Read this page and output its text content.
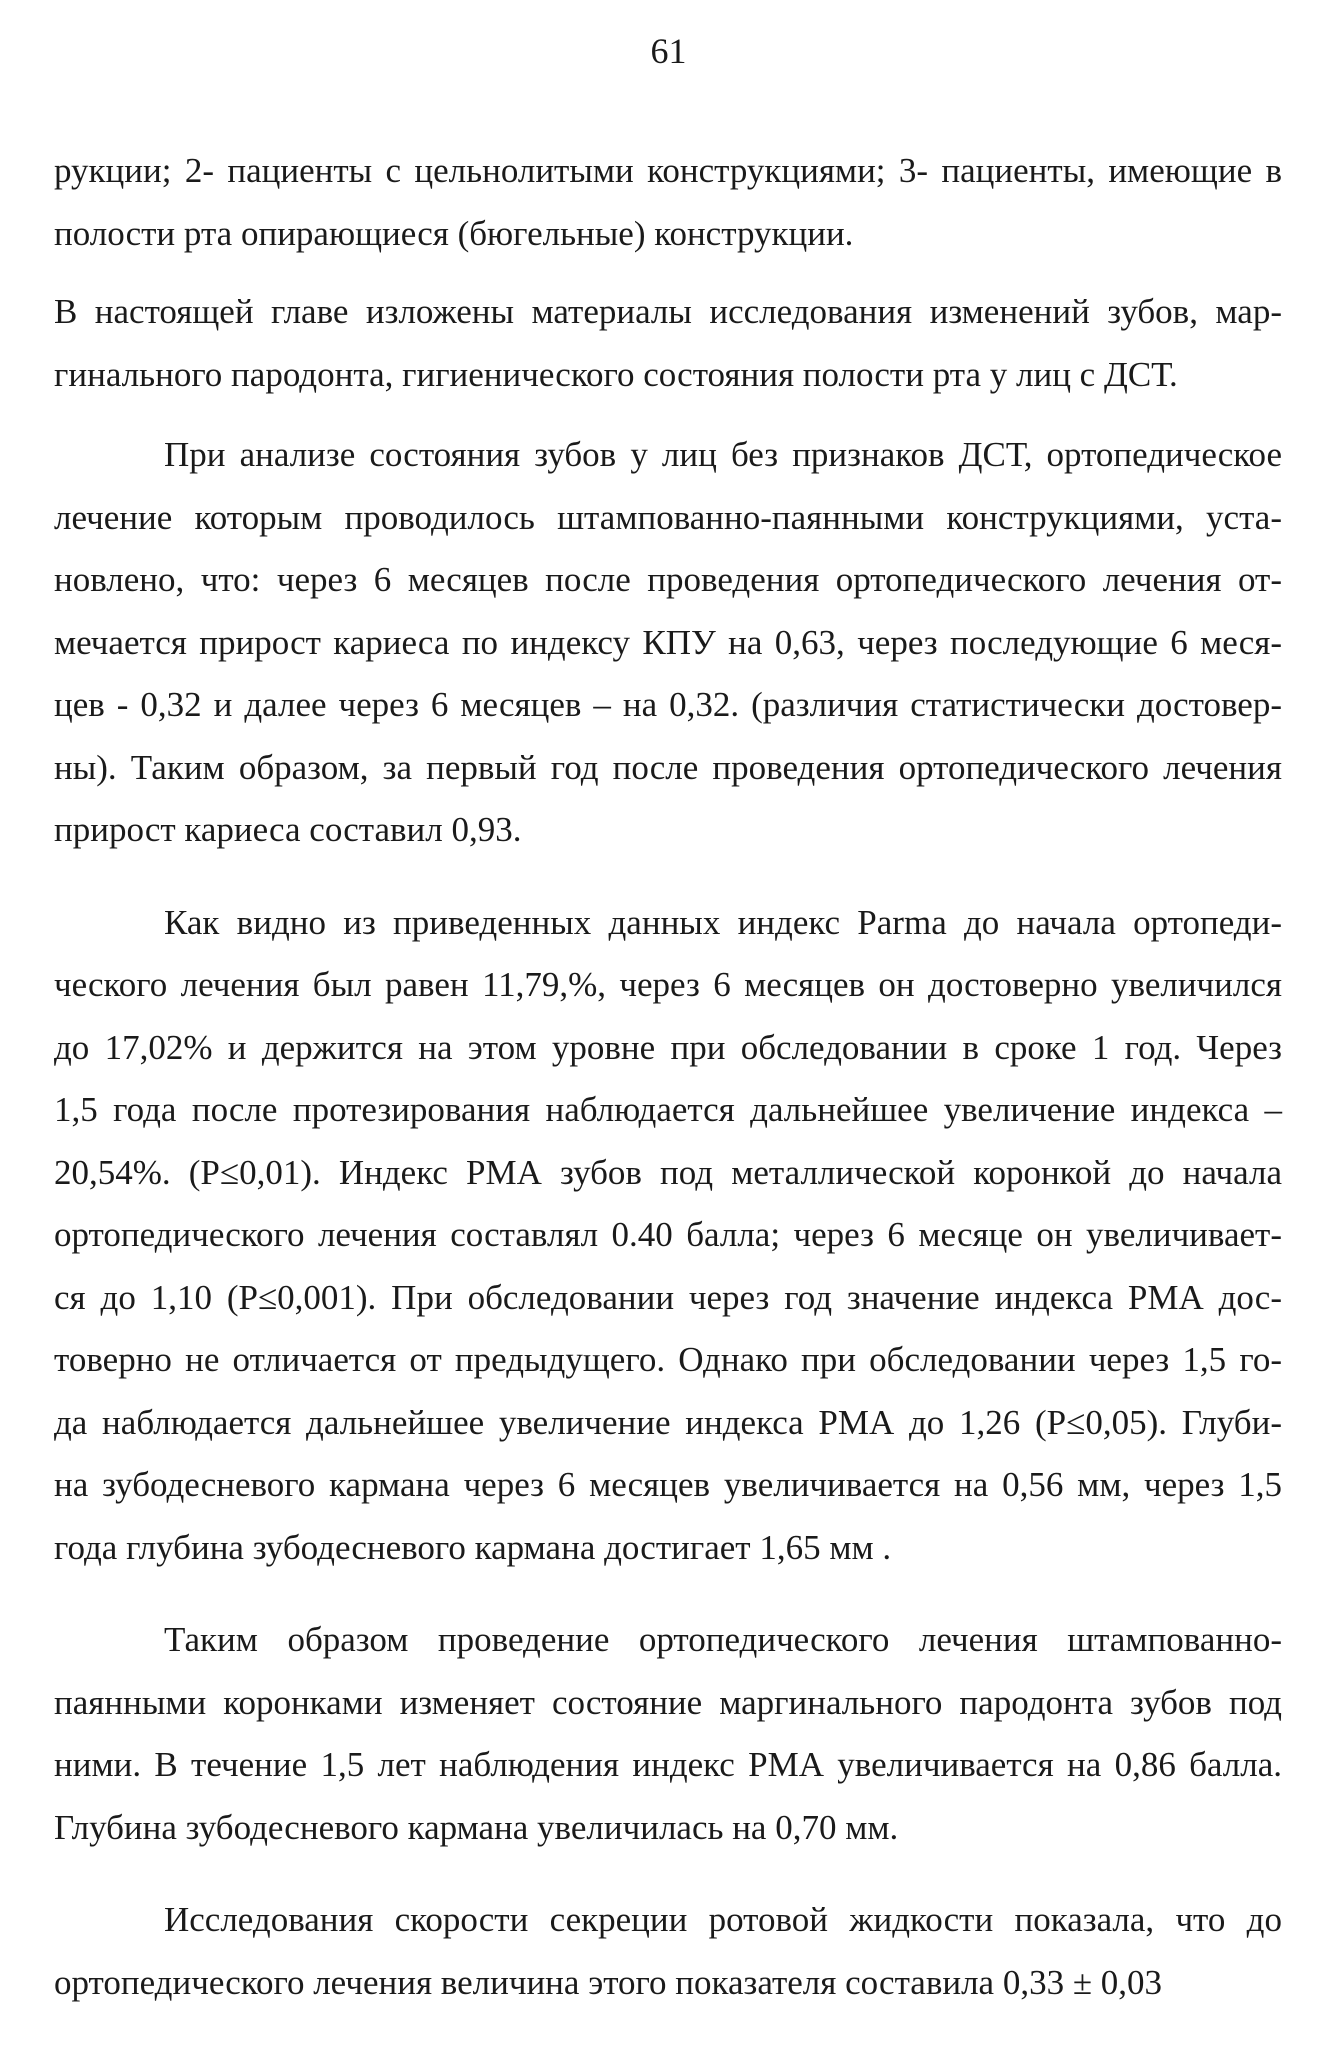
61
рукции; 2- пациенты с цельнолитыми конструкциями; 3- пациенты, имеющие в
полости рта опирающиеся (бюгельные) конструкции.
В настоящей главе изложены материалы исследования изменений зубов, мар-
гинального пародонта, гигиенического состояния полости рта у лиц с ДСТ.
При анализе состояния зубов у лиц без признаков ДСТ, ортопедическое
лечение которым проводилось штампованно-паянными конструкциями, уста-
новлено, что: через 6 месяцев после проведения ортопедического лечения от-
мечается прирост кариеса по индексу КПУ на 0,63, через последующие 6 меся-
цев - 0,32 и далее через 6 месяцев – на 0,32. (различия статистически достовер-
ны). Таким образом, за первый год после проведения ортопедического лечения
прирост кариеса составил 0,93.
Как видно из приведенных данных индекс Parma до начала ортопеди-
ческого лечения был равен 11,79,%, через 6 месяцев он достоверно увеличился
до 17,02% и держится на этом уровне при обследовании в сроке 1 год. Через
1,5 года после протезирования наблюдается дальнейшее увеличение индекса –
20,54%. (P≤0,01). Индекс РМА зубов под металлической коронкой до начала
ортопедического лечения составлял 0.40 балла; через 6 месяце он увеличивает-
ся до 1,10 (P≤0,001). При обследовании через год значение индекса РМА дос-
товерно не отличается от предыдущего. Однако при обследовании через 1,5 го-
да наблюдается дальнейшее увеличение индекса РМА до 1,26 (P≤0,05). Глуби-
на зубодесневого кармана через 6 месяцев увеличивается на 0,56 мм, через 1,5
года глубина зубодесневого кармана достигает 1,65 мм .
Таким образом проведение ортопедического лечения штампованно-
паянными коронками изменяет состояние маргинального пародонта зубов под
ними. В течение 1,5 лет наблюдения индекс РМА увеличивается на 0,86 балла.
Глубина зубодесневого кармана увеличилась на 0,70 мм.
Исследования скорости секреции ротовой жидкости показала, что до
ортопедического лечения величина этого показателя составила 0,33 ± 0,03
